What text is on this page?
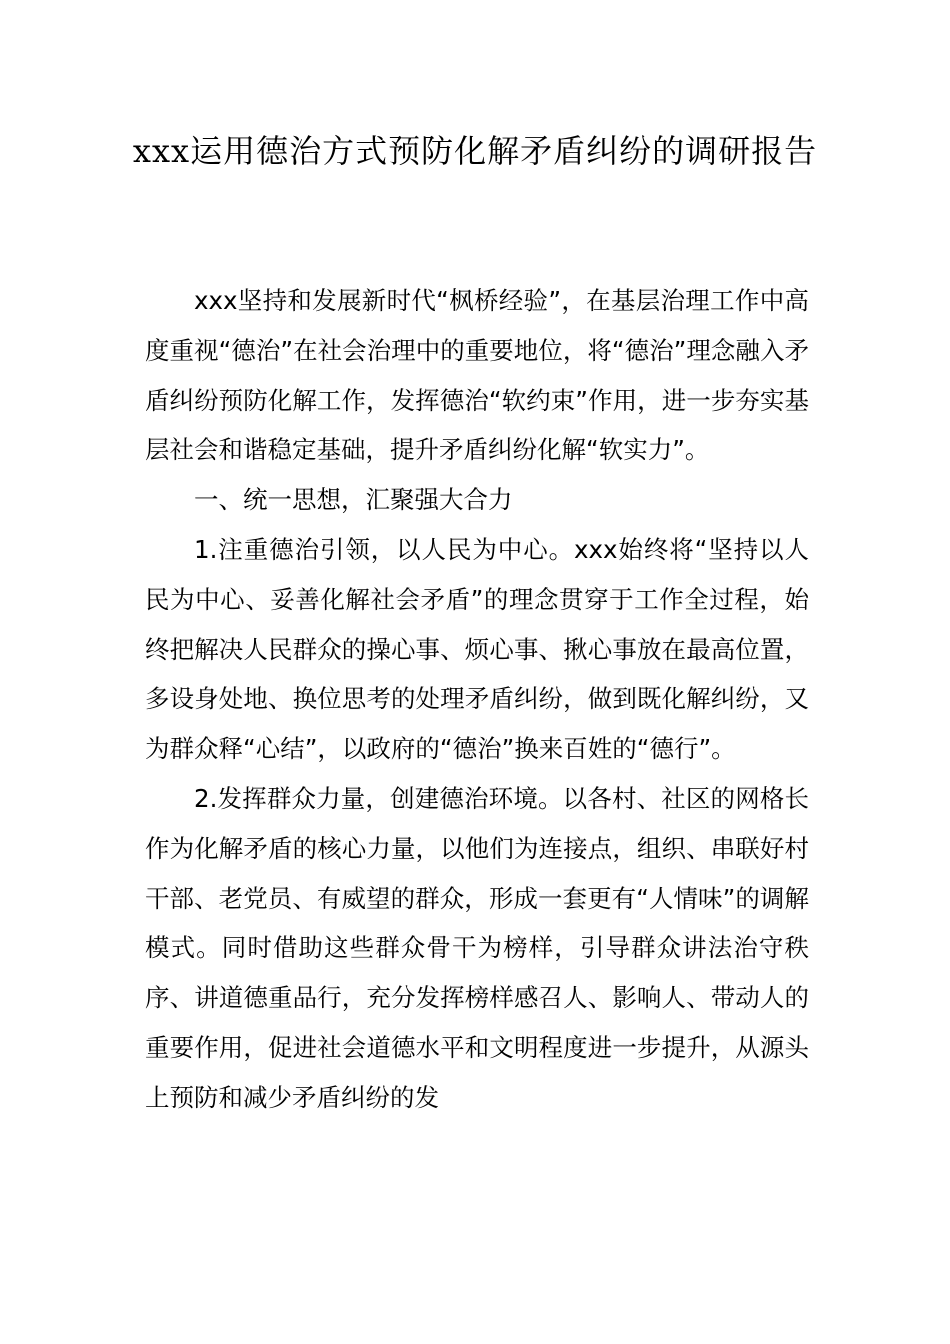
xxx运用德治方式预防化解矛盾纠纷的调研报告

xxx坚持和发展新时代“枫桥经验”，在基层治理工作中高度重视“德治”在社会治理中的重要地位，将“德治”理念融入矛盾纠纷预防化解工作，发挥德治“软约束”作用，进一步夯实基层社会和谐稳定基础，提升矛盾纠纷化解“软实力”。

一、统一思想，汇聚强大合力

1.注重德治引领，以人民为中心。xxx始终将“坚持以人民为中心、妥善化解社会矛盾”的理念贯穿于工作全过程，始终把解决人民群众的操心事、烦心事、揪心事放在最高位置，多设身处地、换位思考的处理矛盾纠纷，做到既化解纠纷，又为群众释“心结”，以政府的“德治”换来百姓的“德行”。

2.发挥群众力量，创建德治环境。以各村、社区的网格长作为化解矛盾的核心力量，以他们为连接点，组织、串联好村干部、老党员、有威望的群众，形成一套更有“人情味”的调解模式。同时借助这些群众骨干为榜样，引导群众讲法治守秩序、讲道德重品行，充分发挥榜样感召人、影响人、带动人的重要作用，促进社会道德水平和文明程度进一步提升，从源头上预防和减少矛盾纠纷的发
